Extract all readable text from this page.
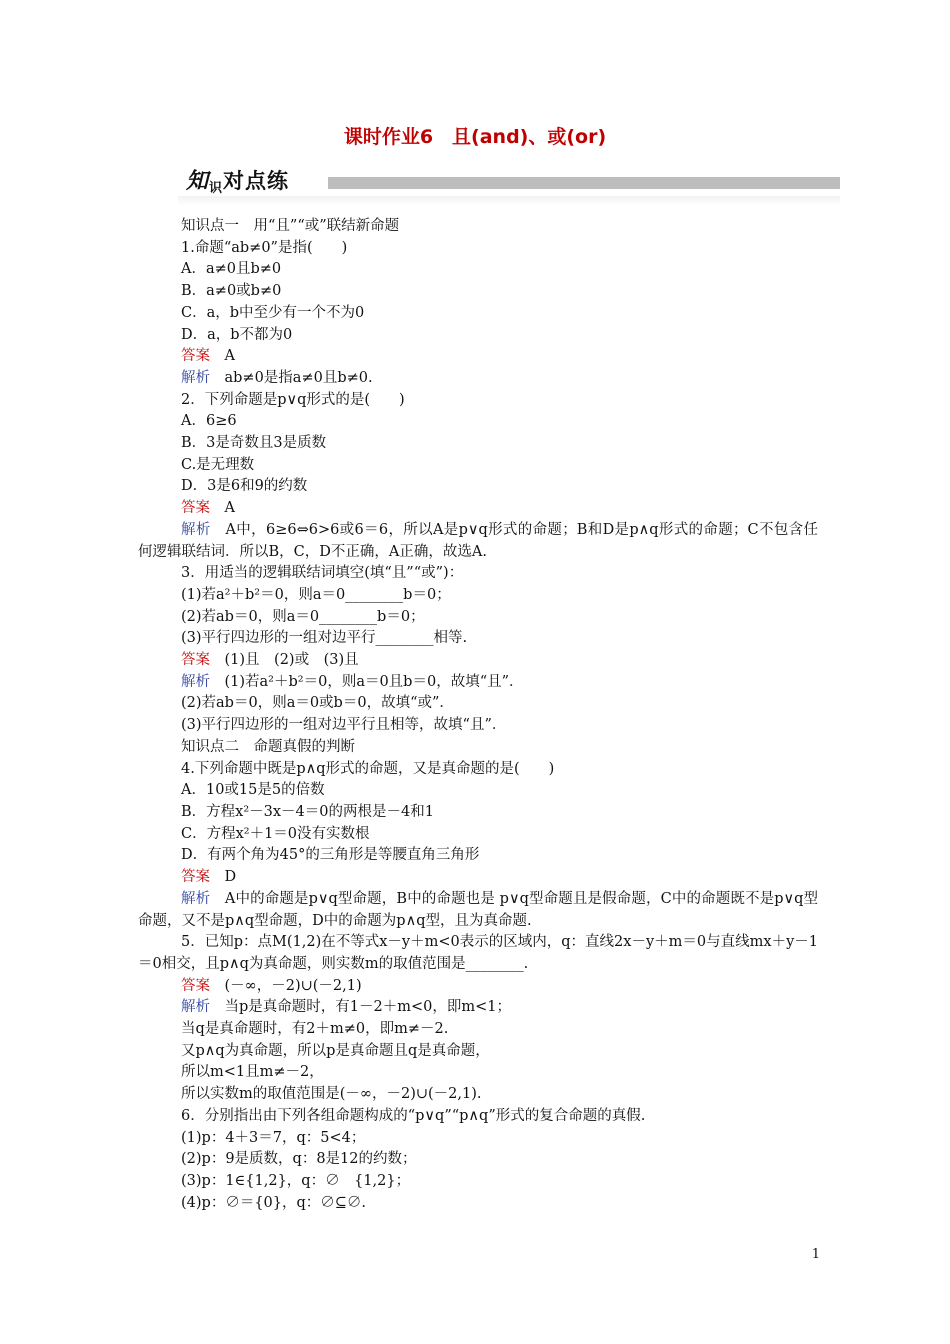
课时作业6　且(and)、或(or)
知识对点练
知识点一　用“且”“或”联结新命题
1.命题“ab≠0”是指(　　)
A．a≠0且b≠0
B．a≠0或b≠0
C．a，b中至少有一个不为0
D．a，b不都为0
答案　A
解析　ab≠0是指a≠0且b≠0.
2．下列命题是p∨q形式的是(　　)
A．6≥6
B．3是奇数且3是质数
C.是无理数
D．3是6和9的约数
答案　A
解析　A中，6≥6⇔6>6或6＝6，所以A是p∨q形式的命题；B和D是p∧q形式的命题；C不包含任何逻辑联结词．所以B，C，D不正确，A正确，故选A.
3．用适当的逻辑联结词填空(填“且”“或”)：
(1)若a²＋b²＝0，则a＝0________b＝0；
(2)若ab＝0，则a＝0________b＝0；
(3)平行四边形的一组对边平行________相等.
答案　(1)且　(2)或　(3)且
解析　(1)若a²＋b²＝0，则a＝0且b＝0，故填“且”．
(2)若ab＝0，则a＝0或b＝0，故填“或”．
(3)平行四边形的一组对边平行且相等，故填“且”．
知识点二　命题真假的判断
4.下列命题中既是p∧q形式的命题，又是真命题的是(　　)
A．10或15是5的倍数
B．方程x²－3x－4＝0的两根是－4和1
C．方程x²＋1＝0没有实数根
D．有两个角为45°的三角形是等腰直角三角形
答案　D
解析　A中的命题是p∨q型命题，B中的命题也是 p∨q型命题且是假命题，C中的命题既不是p∨q型命题，又不是p∧q型命题，D中的命题为p∧q型，且为真命题.
5．已知p：点M(1,2)在不等式x－y＋m<0表示的区域内，q：直线2x－y＋m＝0与直线mx＋y－1＝0相交，且p∧q为真命题，则实数m的取值范围是________.
答案　(－∞，－2)∪(－2,1)
解析　当p是真命题时，有1－2＋m<0，即m<1；
当q是真命题时，有2＋m≠0，即m≠－2.
又p∧q为真命题，所以p是真命题且q是真命题，
所以m<1且m≠－2，
所以实数m的取值范围是(－∞，－2)∪(－2,1).
6．分别指出由下列各组命题构成的“p∨q”“p∧q”形式的复合命题的真假.
(1)p：4＋3＝7，q：5<4；
(2)p：9是质数，q：8是12的约数；
(3)p：1∈{1,2}，q：∅　{1,2}；
(4)p：∅＝{0}，q：∅⊆∅.
1
